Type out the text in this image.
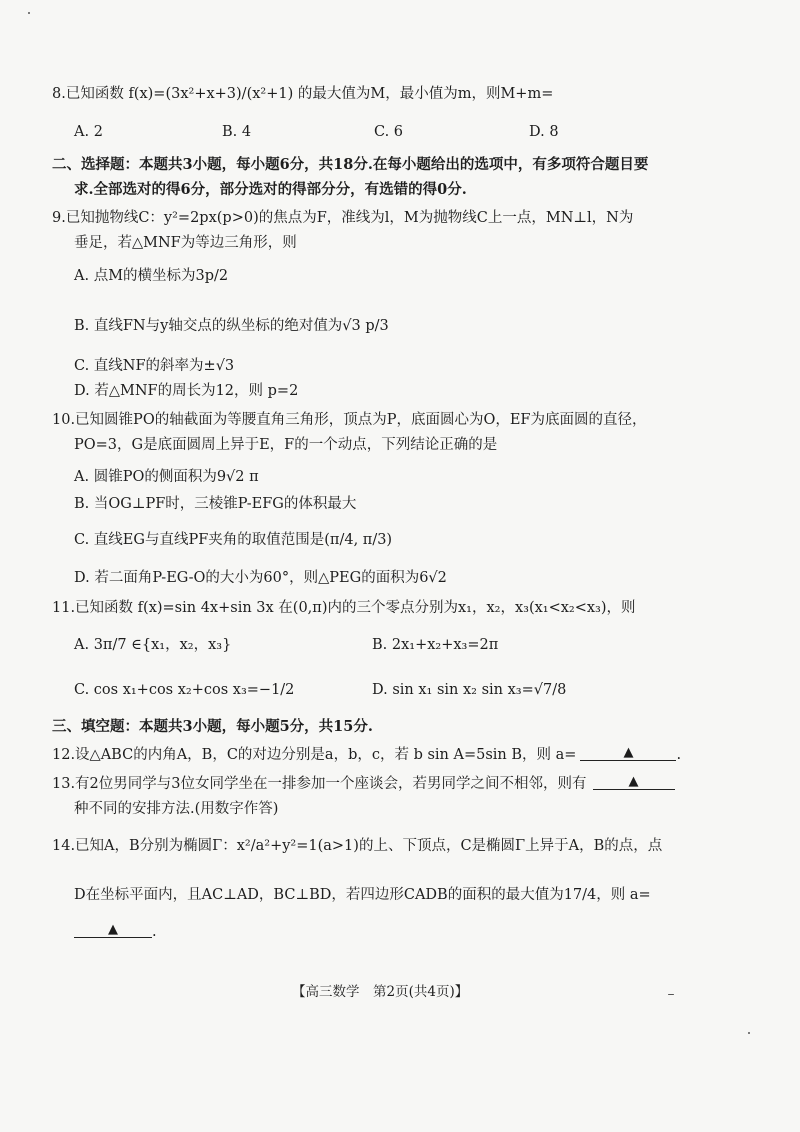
8.已知函数 f(x)=(3x²+x+3)/(x²+1) 的最大值为M，最小值为m，则M+m=
A. 2	B. 4	C. 6	D. 8
二、选择题：本题共3小题，每小题6分，共18分.在每小题给出的选项中，有多项符合题目要
求.全部选对的得6分，部分选对的得部分分，有选错的得0分.
9.已知抛物线C：y²=2px(p>0)的焦点为F，准线为l，M为抛物线C上一点，MN⊥l，N为
垂足，若△MNF为等边三角形，则
A. 点M的横坐标为3p/2
B. 直线FN与y轴交点的纵坐标的绝对值为√3 p/3
C. 直线NF的斜率为±√3
D. 若△MNF的周长为12，则 p=2
10.已知圆锥PO的轴截面为等腰直角三角形，顶点为P，底面圆心为O，EF为底面圆的直径，
PO=3，G是底面圆周上异于E，F的一个动点，下列结论正确的是
A. 圆锥PO的侧面积为9√2 π
B. 当OG⊥PF时，三棱锥P-EFG的体积最大
C. 直线EG与直线PF夹角的取值范围是(π/4, π/3)
D. 若二面角P-EG-O的大小为60°，则△PEG的面积为6√2
11.已知函数 f(x)=sin 4x+sin 3x 在(0,π)内的三个零点分别为x₁，x₂，x₃(x₁<x₂<x₃)，则
A. 3π/7 ∈{x₁，x₂，x₃}	B. 2x₁+x₂+x₃=2π
C. cos x₁+cos x₂+cos x₃=−1/2	D. sin x₁ sin x₂ sin x₃=√7/8
三、填空题：本题共3小题，每小题5分，共15分.
12.设△ABC的内角A，B，C的对边分别是a，b，c，若 b sin A=5sin B，则 a=	▲	.
13.有2位男同学与3位女同学坐在一排参加一个座谈会，若男同学之间不相邻，则有	▲
种不同的安排方法.(用数字作答)
14.已知A，B分别为椭圆Γ：x²/a²+y²=1(a>1)的上、下顶点，C是椭圆Γ上异于A，B的点，点
D在坐标平面内，且AC⊥AD，BC⊥BD，若四边形CADB的面积的最大值为17/4，则 a=
▲ .
【高三数学　第2页(共4页)】
